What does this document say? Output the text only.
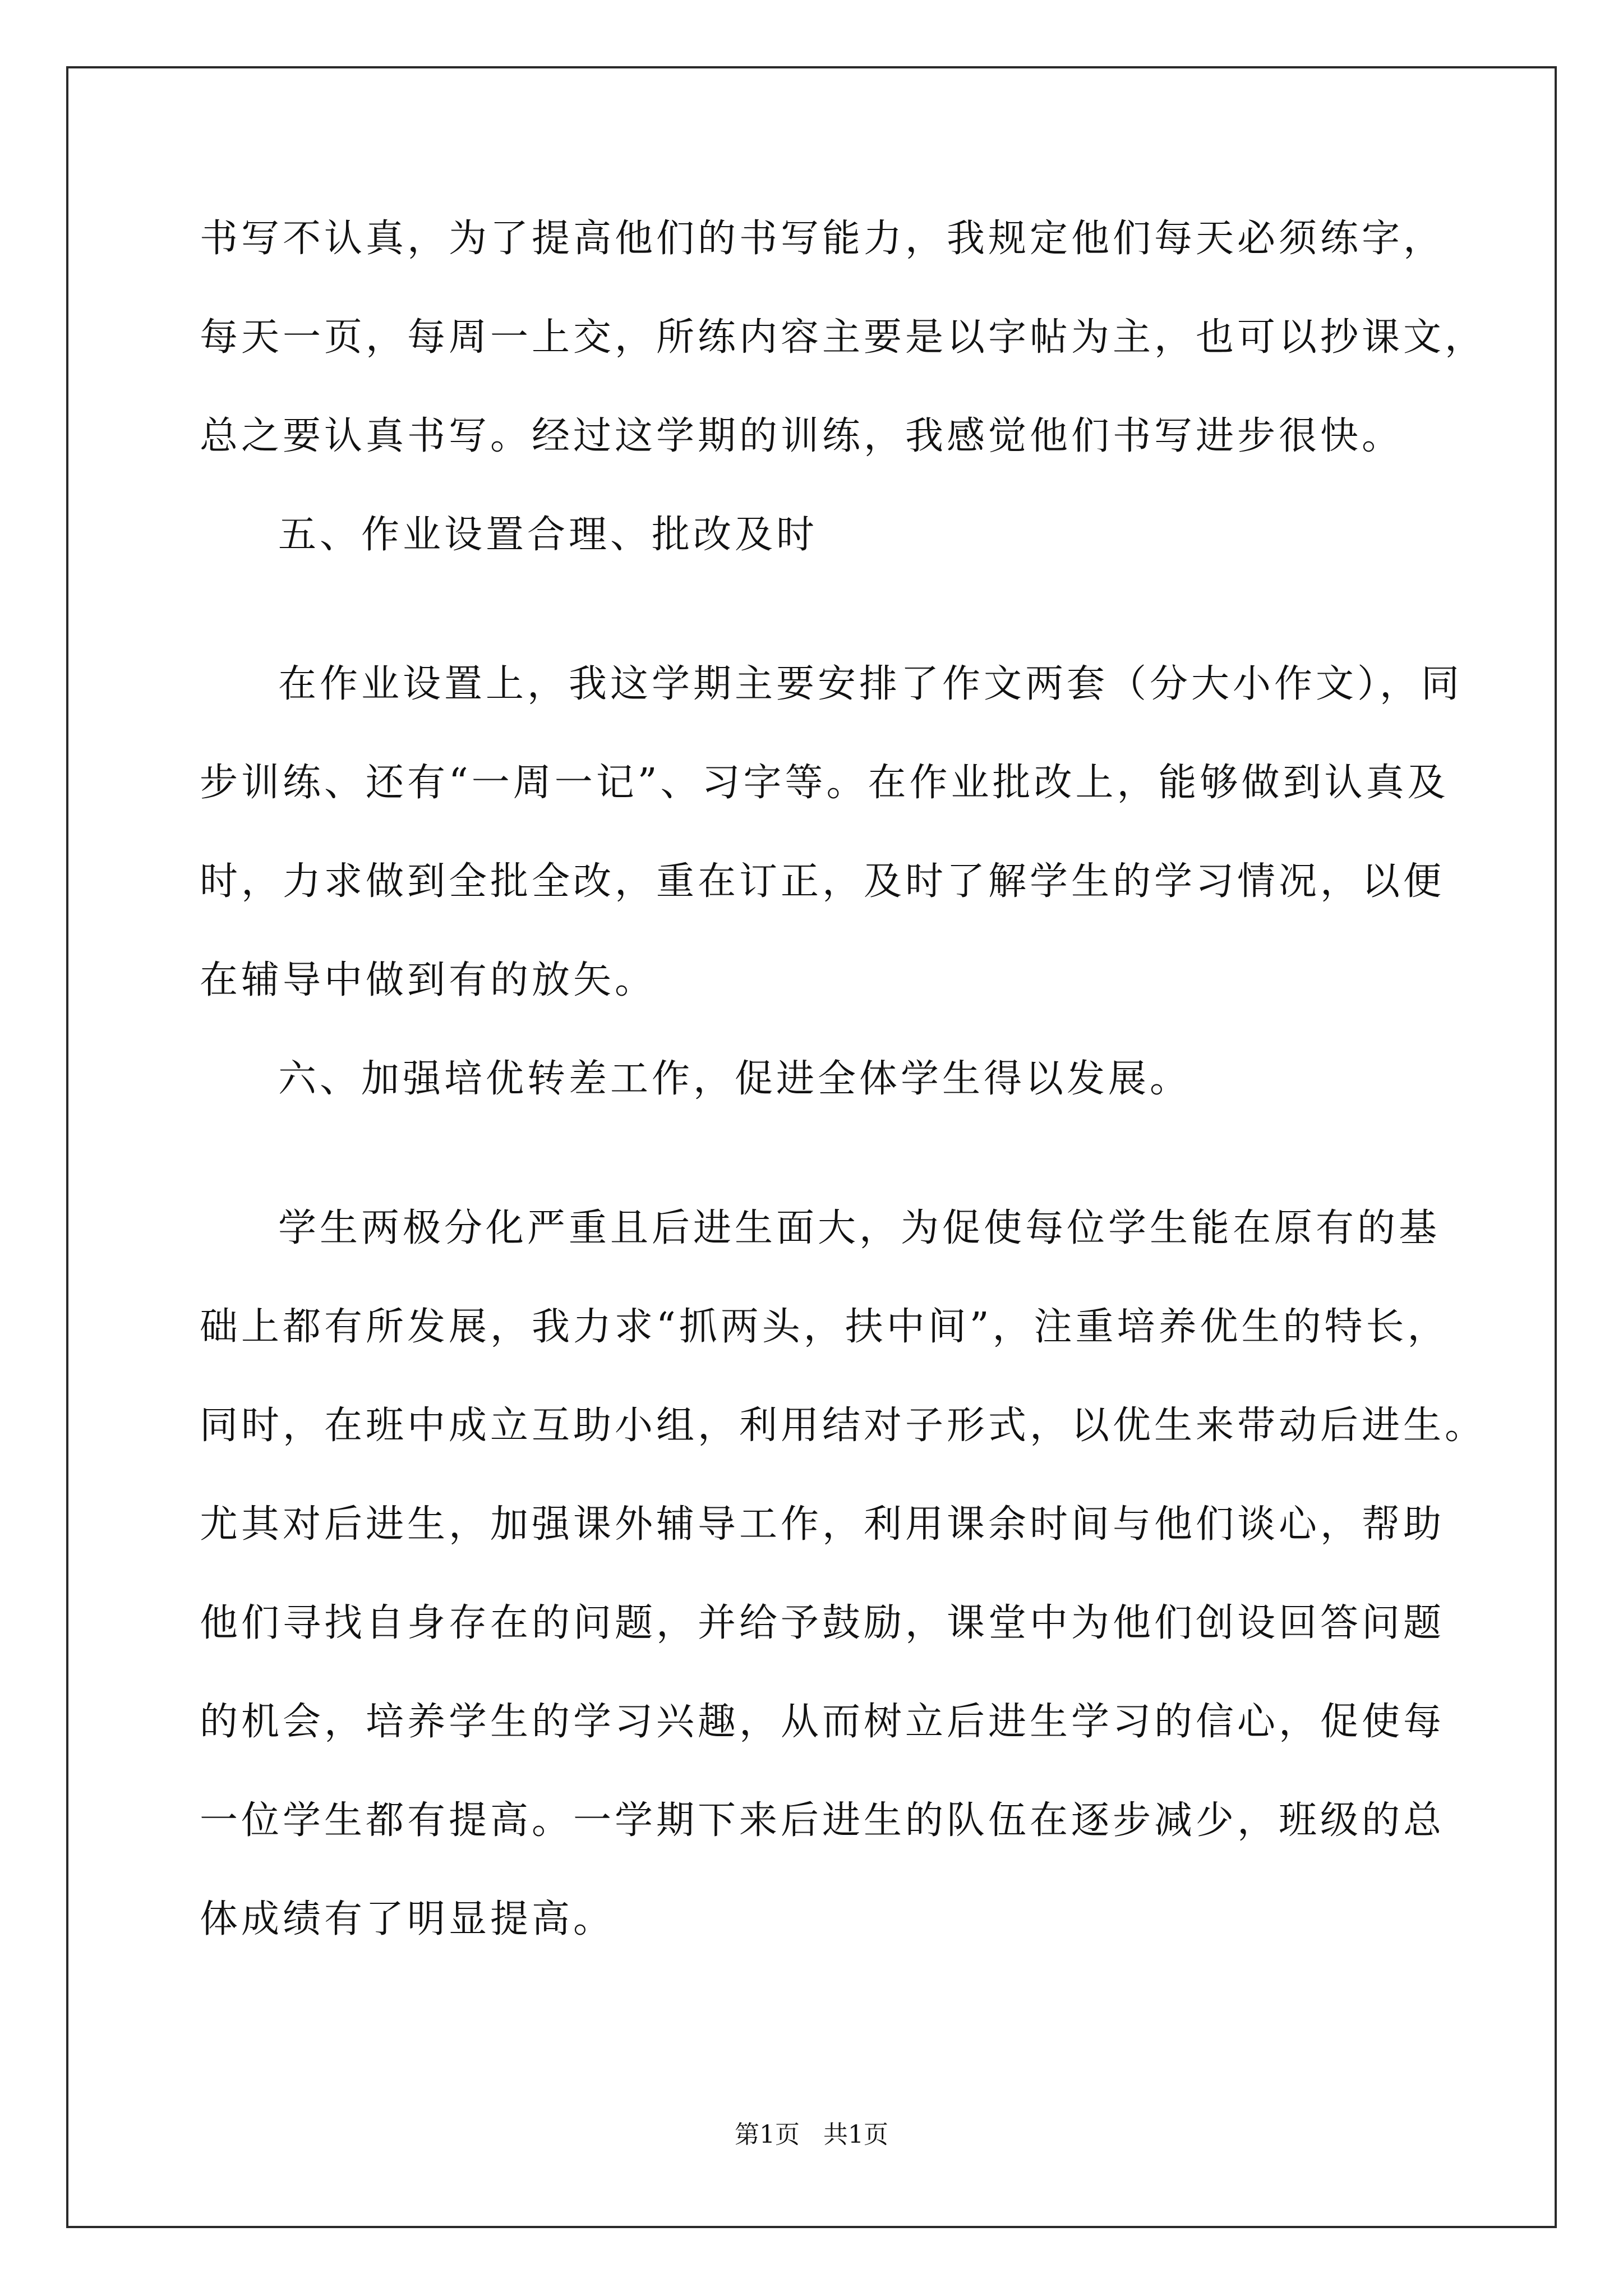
书写不认真，为了提高他们的书写能力，我规定他们每天必须练字，
每天一页，每周一上交，所练内容主要是以字帖为主，也可以抄课文，
总之要认真书写。经过这学期的训练，我感觉他们书写进步很快。
五、作业设置合理、批改及时
在作业设置上，我这学期主要安排了作文两套（分大小作文），同
步训练、还有“一周一记”、习字等。在作业批改上，能够做到认真及
时，力求做到全批全改，重在订正，及时了解学生的学习情况，以便
在辅导中做到有的放矢。
六、加强培优转差工作，促进全体学生得以发展。
学生两极分化严重且后进生面大，为促使每位学生能在原有的基
础上都有所发展，我力求“抓两头，扶中间”，注重培养优生的特长，
同时，在班中成立互助小组，利用结对子形式，以优生来带动后进生。
尤其对后进生，加强课外辅导工作，利用课余时间与他们谈心，帮助
他们寻找自身存在的问题，并给予鼓励，课堂中为他们创设回答问题
的机会，培养学生的学习兴趣，从而树立后进生学习的信心，促使每
一位学生都有提高。一学期下来后进生的队伍在逐步减少，班级的总
体成绩有了明显提高。
第1页   共1页
